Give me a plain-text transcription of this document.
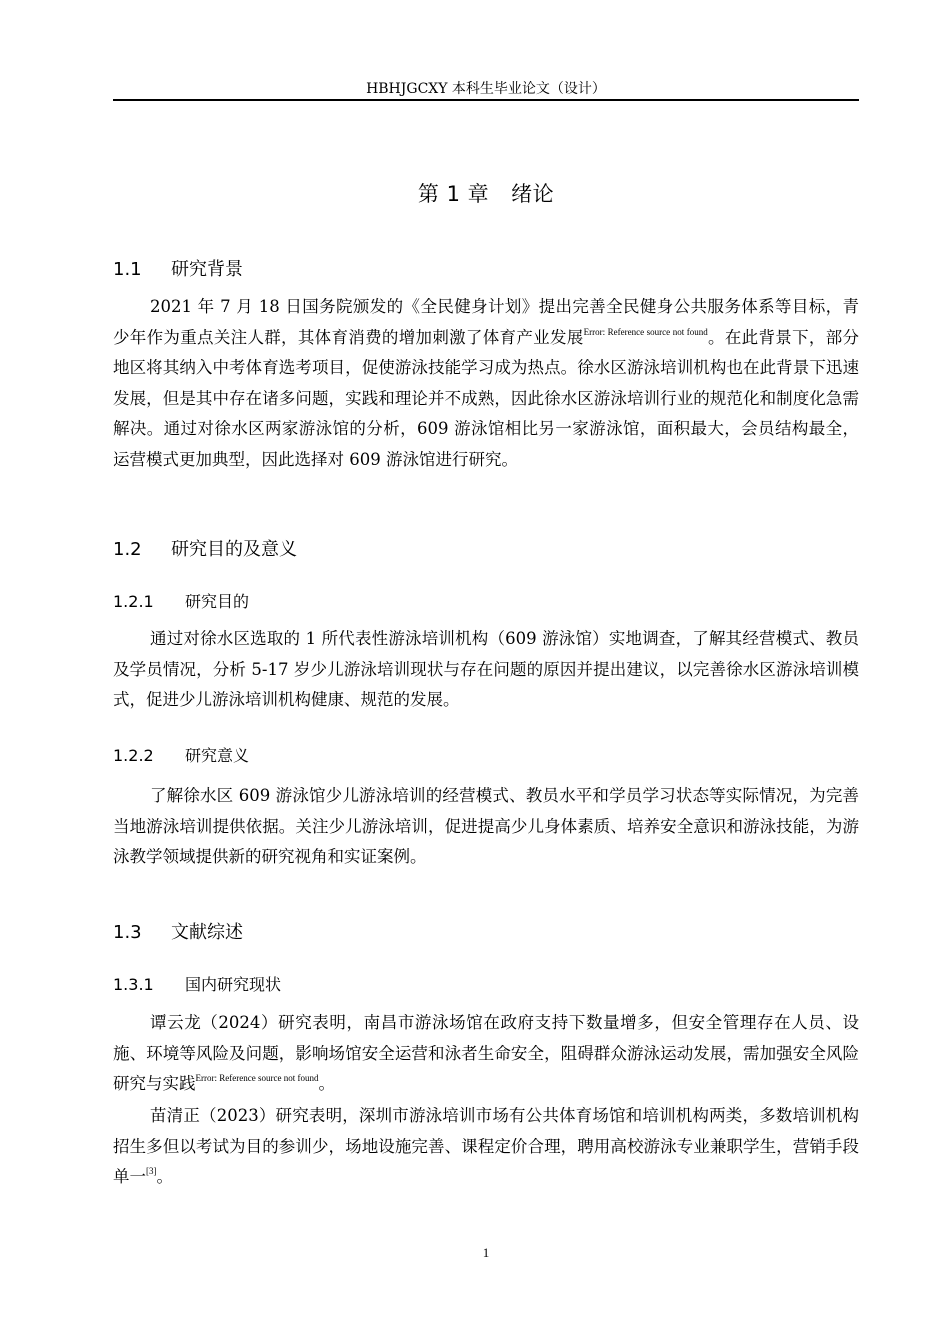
HBHJGCXY 本科生毕业论文（设计）
第 1 章 绪论
1.1 研究背景
2021 年 7 月 18 日国务院颁发的《全民健身计划》提出完善全民健身公共服务体系等目标，青少年作为重点关注人群，其体育消费的增加刺激了体育产业发展$^{Error: Reference source not found}$。在此背景下，部分地区将其纳入中考体育选考项目，促使游泳技能学习成为热点。徐水区游泳培训机构也在此背景下迅速发展，但是其中存在诸多问题，实践和理论并不成熟，因此徐水区游泳培训行业的规范化和制度化急需解决。通过对徐水区两家游泳馆的分析，609 游泳馆相比另一家游泳馆，面积最大，会员结构最全，运营模式更加典型，因此选择对 609 游泳馆进行研究。
1.2 研究目的及意义
1.2.1 研究目的
通过对徐水区选取的 1 所代表性游泳培训机构（609 游泳馆）实地调查，了解其经营模式、教员及学员情况，分析 5-17 岁少儿游泳培训现状与存在问题的原因并提出建议，以完善徐水区游泳培训模式，促进少儿游泳培训机构健康、规范的发展。
1.2.2 研究意义
了解徐水区 609 游泳馆少儿游泳培训的经营模式、教员水平和学员学习状态等实际情况，为完善当地游泳培训提供依据。关注少儿游泳培训，促进提高少儿身体素质、培养安全意识和游泳技能，为游泳教学领域提供新的研究视角和实证案例。
1.3 文献综述
1.3.1 国内研究现状
谭云龙（2024）研究表明，南昌市游泳场馆在政府支持下数量增多，但安全管理存在人员、设施、环境等风险及问题，影响场馆安全运营和泳者生命安全，阻碍群众游泳运动发展，需加强安全风险研究与实践$^{Error: Reference source not found}$。
苗清正（2023）研究表明，深圳市游泳培训市场有公共体育场馆和培训机构两类，多数培训机构招生多但以考试为目的参训少，场地设施完善、课程定价合理，聘用高校游泳专业兼职学生，营销手段单一[3]。
1
